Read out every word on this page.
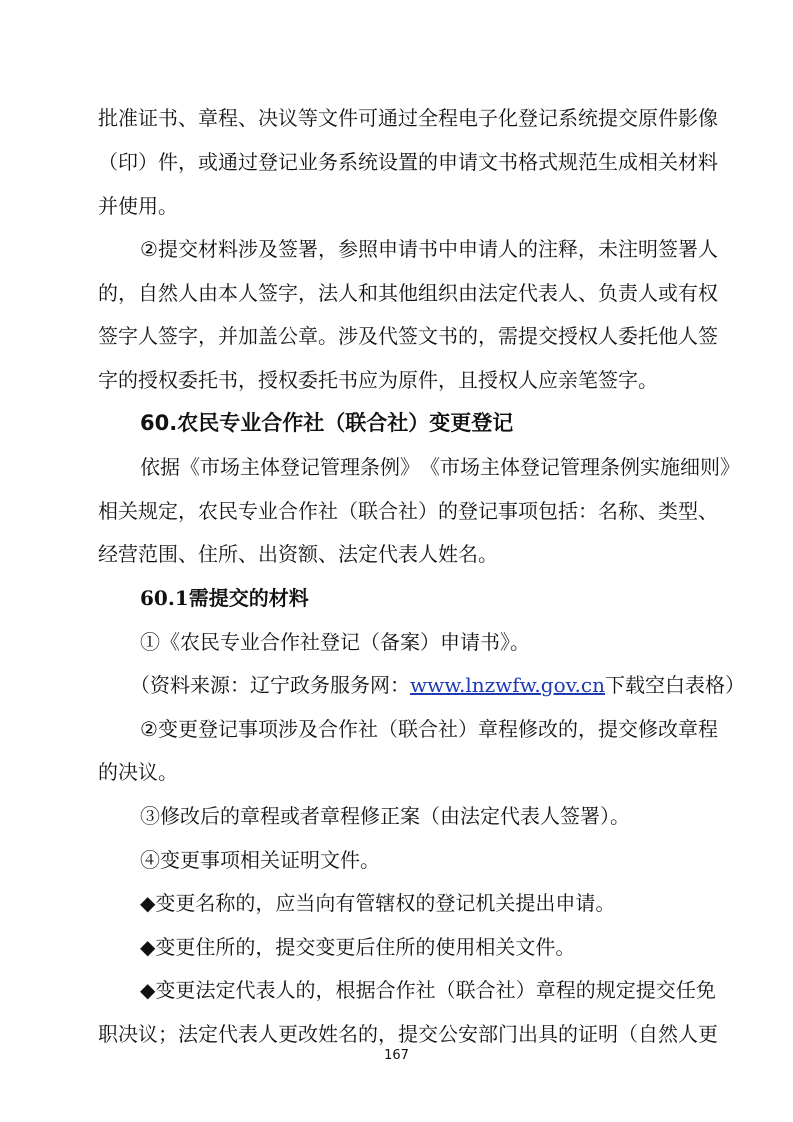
批 准 证 书 、 章 程 、 决 议 等 文 件 可 通 过 全 程 电 子 化 登 记 系 统 提 交 原 件 影 像
（ 印 ） 件 ， 或 通 过 登 记 业 务 系 统 设 置 的 申 请 文 书 格 式 规 范 生 成 相 关 材 料
并使用。
② 提 交 材 料 涉 及 签 署 ， 参 照 申 请 书 中 申 请 人 的 注 释 ， 未 注 明 签 署 人
的 ， 自 然 人 由 本 人 签 字 ， 法 人 和 其 他 组 织 由 法 定 代 表 人 、 负 责 人 或 有 权
签 字 人 签 字 ， 并 加 盖 公 章 。 涉 及 代 签 文 书 的 ， 需 提 交 授 权 人 委 托 他 人 签
字的授权委托书，授权委托书应为原件，且授权人应亲笔签字。
60.农民专业合作社（联合社）变更登记
依 据 《 市 场 主 体 登 记 管 理 条 例 》 《 市 场 主 体 登 记 管 理 条 例 实 施 细 则 》
相 关 规 定 ， 农 民 专 业 合 作 社 （ 联 合 社 ） 的 登 记 事 项 包 括 ： 名 称 、 类 型 、
经营范围、住所、出资额、法定代表人姓名。
60.1需提交的材料
①《农民专业合作社登记（备案）申请书》。
（资料来源：辽宁政务服务网：www.lnzwfw.gov.cn下载空白表格）
② 变 更 登 记 事 项 涉 及 合 作 社 （ 联 合 社 ） 章 程 修 改 的 ， 提 交 修 改 章 程
的决议。
③修改后的章程或者章程修正案（由法定代表人签署）。
④变更事项相关证明文件。
◆变更名称的，应当向有管辖权的登记机关提出申请。
◆变更住所的，提交变更后住所的使用相关文件。
◆ 变 更 法 定 代 表 人 的 ， 根 据 合 作 社 （ 联 合 社 ） 章 程 的 规 定 提 交 任 免
职 决 议 ； 法 定 代 表 人 更 改 姓 名 的 ， 提 交 公 安 部 门 出 具 的 证 明 （ 自 然 人 更
167
